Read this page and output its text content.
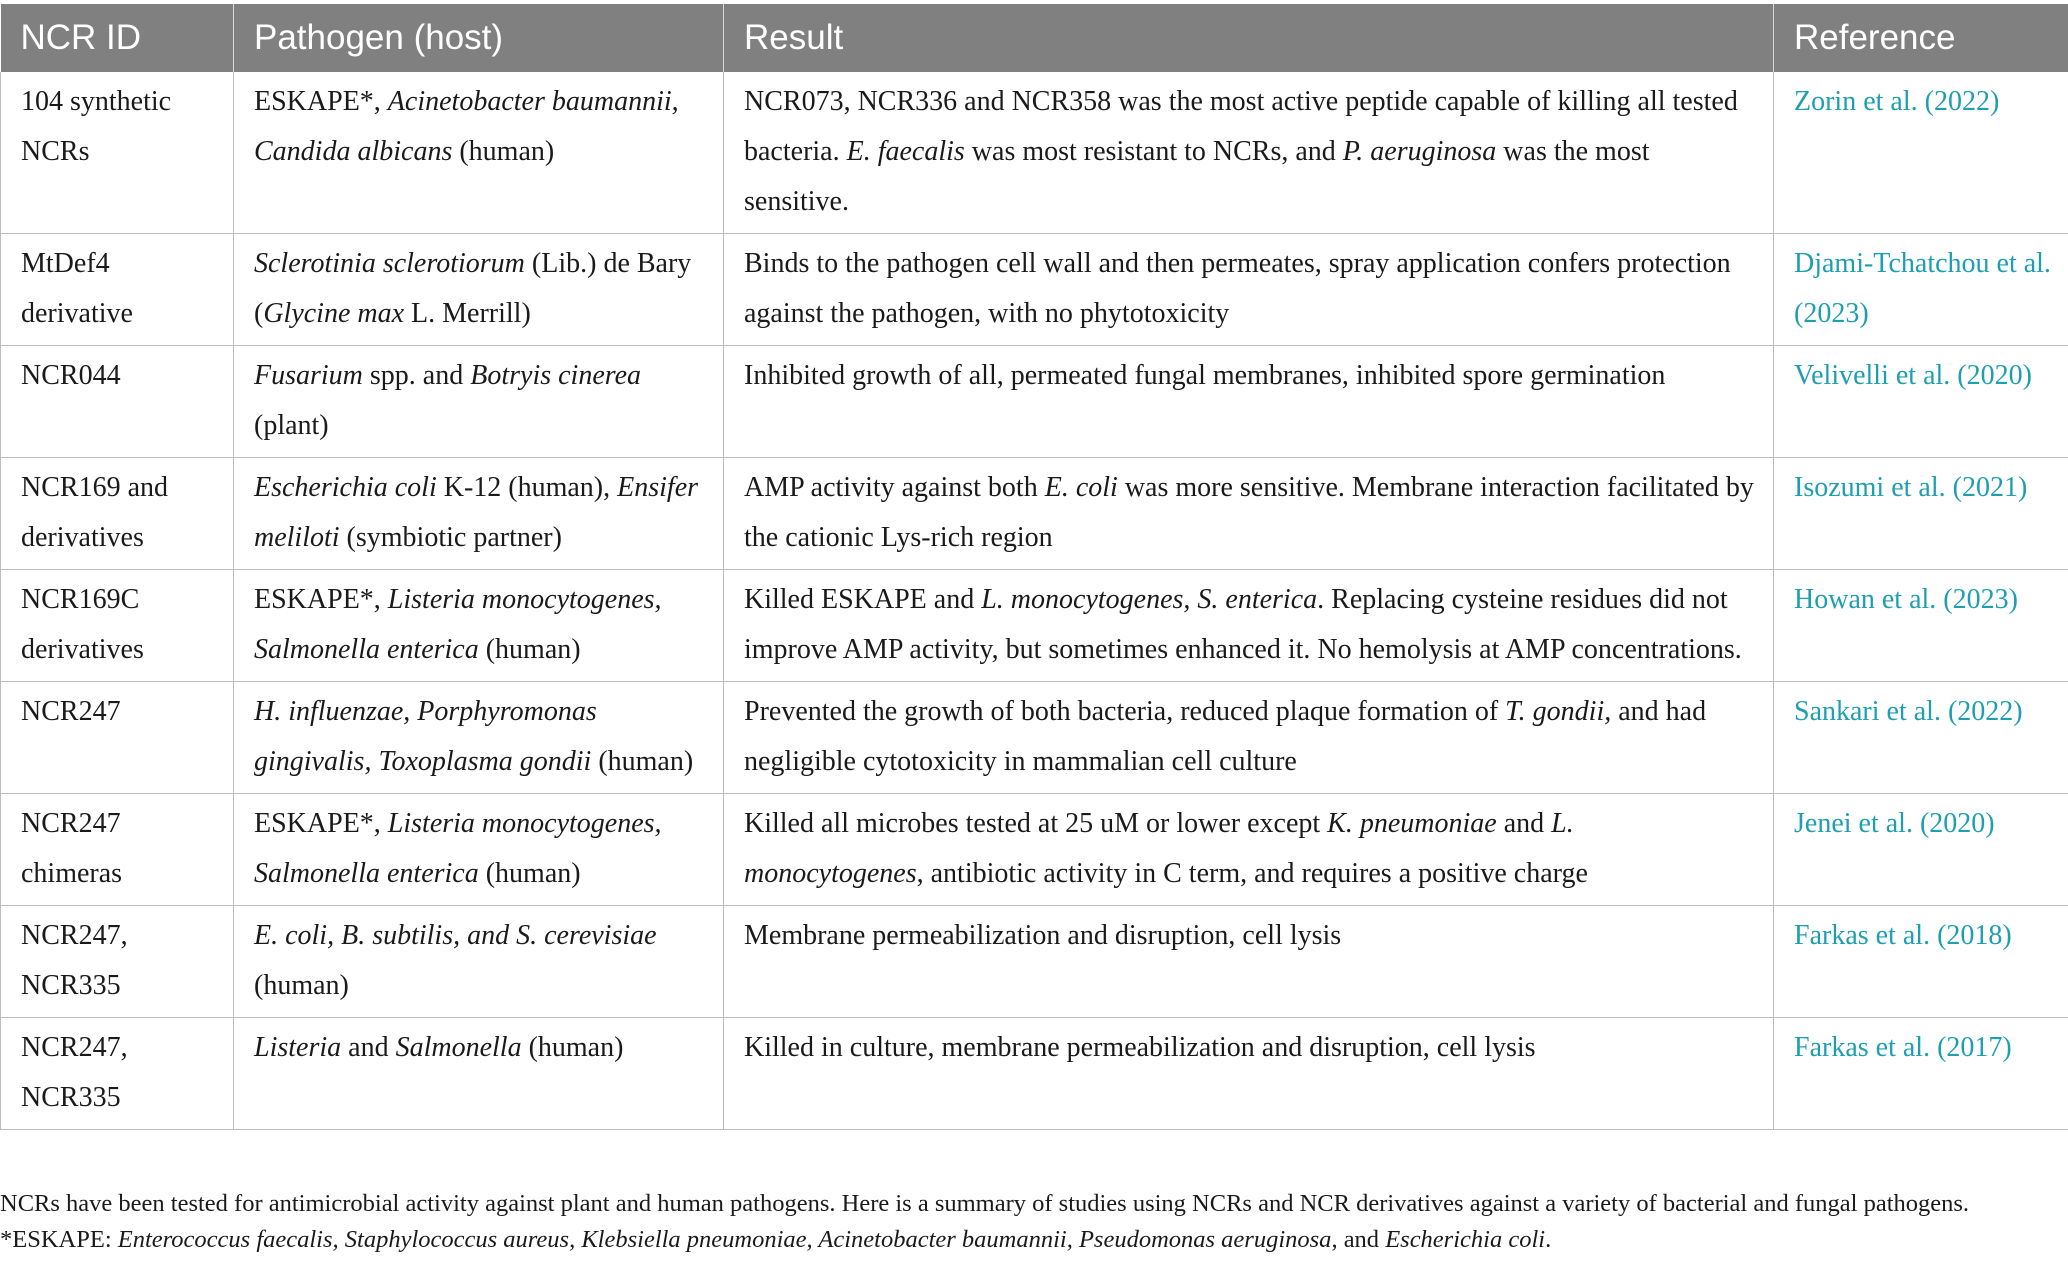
NCR ID	Pathogen (host)	Result	Reference
104 synthetic NCRs	ESKAPE*, Acinetobacter baumannii, Candida albicans (human)	NCR073, NCR336 and NCR358 was the most active peptide capable of killing all tested bacteria. E. faecalis was most resistant to NCRs, and P. aeruginosa was the most sensitive.	Zorin et al. (2022)
MtDef4 derivative	Sclerotinia sclerotiorum (Lib.) de Bary (Glycine max L. Merrill)	Binds to the pathogen cell wall and then permeates, spray application confers protection against the pathogen, with no phytotoxicity	Djami-Tchatchou et al. (2023)
NCR044	Fusarium spp. and Botryis cinerea (plant)	Inhibited growth of all, permeated fungal membranes, inhibited spore germination	Velivelli et al. (2020)
NCR169 and derivatives	Escherichia coli K-12 (human), Ensifer meliloti (symbiotic partner)	AMP activity against both E. coli was more sensitive. Membrane interaction facilitated by the cationic Lys-rich region	Isozumi et al. (2021)
NCR169C derivatives	ESKAPE*, Listeria monocytogenes, Salmonella enterica (human)	Killed ESKAPE and L. monocytogenes, S. enterica. Replacing cysteine residues did not improve AMP activity, but sometimes enhanced it. No hemolysis at AMP concentrations.	Howan et al. (2023)
NCR247	H. influenzae, Porphyromonas gingivalis, Toxoplasma gondii (human)	Prevented the growth of both bacteria, reduced plaque formation of T. gondii, and had negligible cytotoxicity in mammalian cell culture	Sankari et al. (2022)
NCR247 chimeras	ESKAPE*, Listeria monocytogenes, Salmonella enterica (human)	Killed all microbes tested at 25 uM or lower except K. pneumoniae and L. monocytogenes, antibiotic activity in C term, and requires a positive charge	Jenei et al. (2020)
NCR247, NCR335	E. coli, B. subtilis, and S. cerevisiae (human)	Membrane permeabilization and disruption, cell lysis	Farkas et al. (2018)
NCR247, NCR335	Listeria and Salmonella (human)	Killed in culture, membrane permeabilization and disruption, cell lysis	Farkas et al. (2017)
NCRs have been tested for antimicrobial activity against plant and human pathogens. Here is a summary of studies using NCRs and NCR derivatives against a variety of bacterial and fungal pathogens. *ESKAPE: Enterococcus faecalis, Staphylococcus aureus, Klebsiella pneumoniae, Acinetobacter baumannii, Pseudomonas aeruginosa, and Escherichia coli.
